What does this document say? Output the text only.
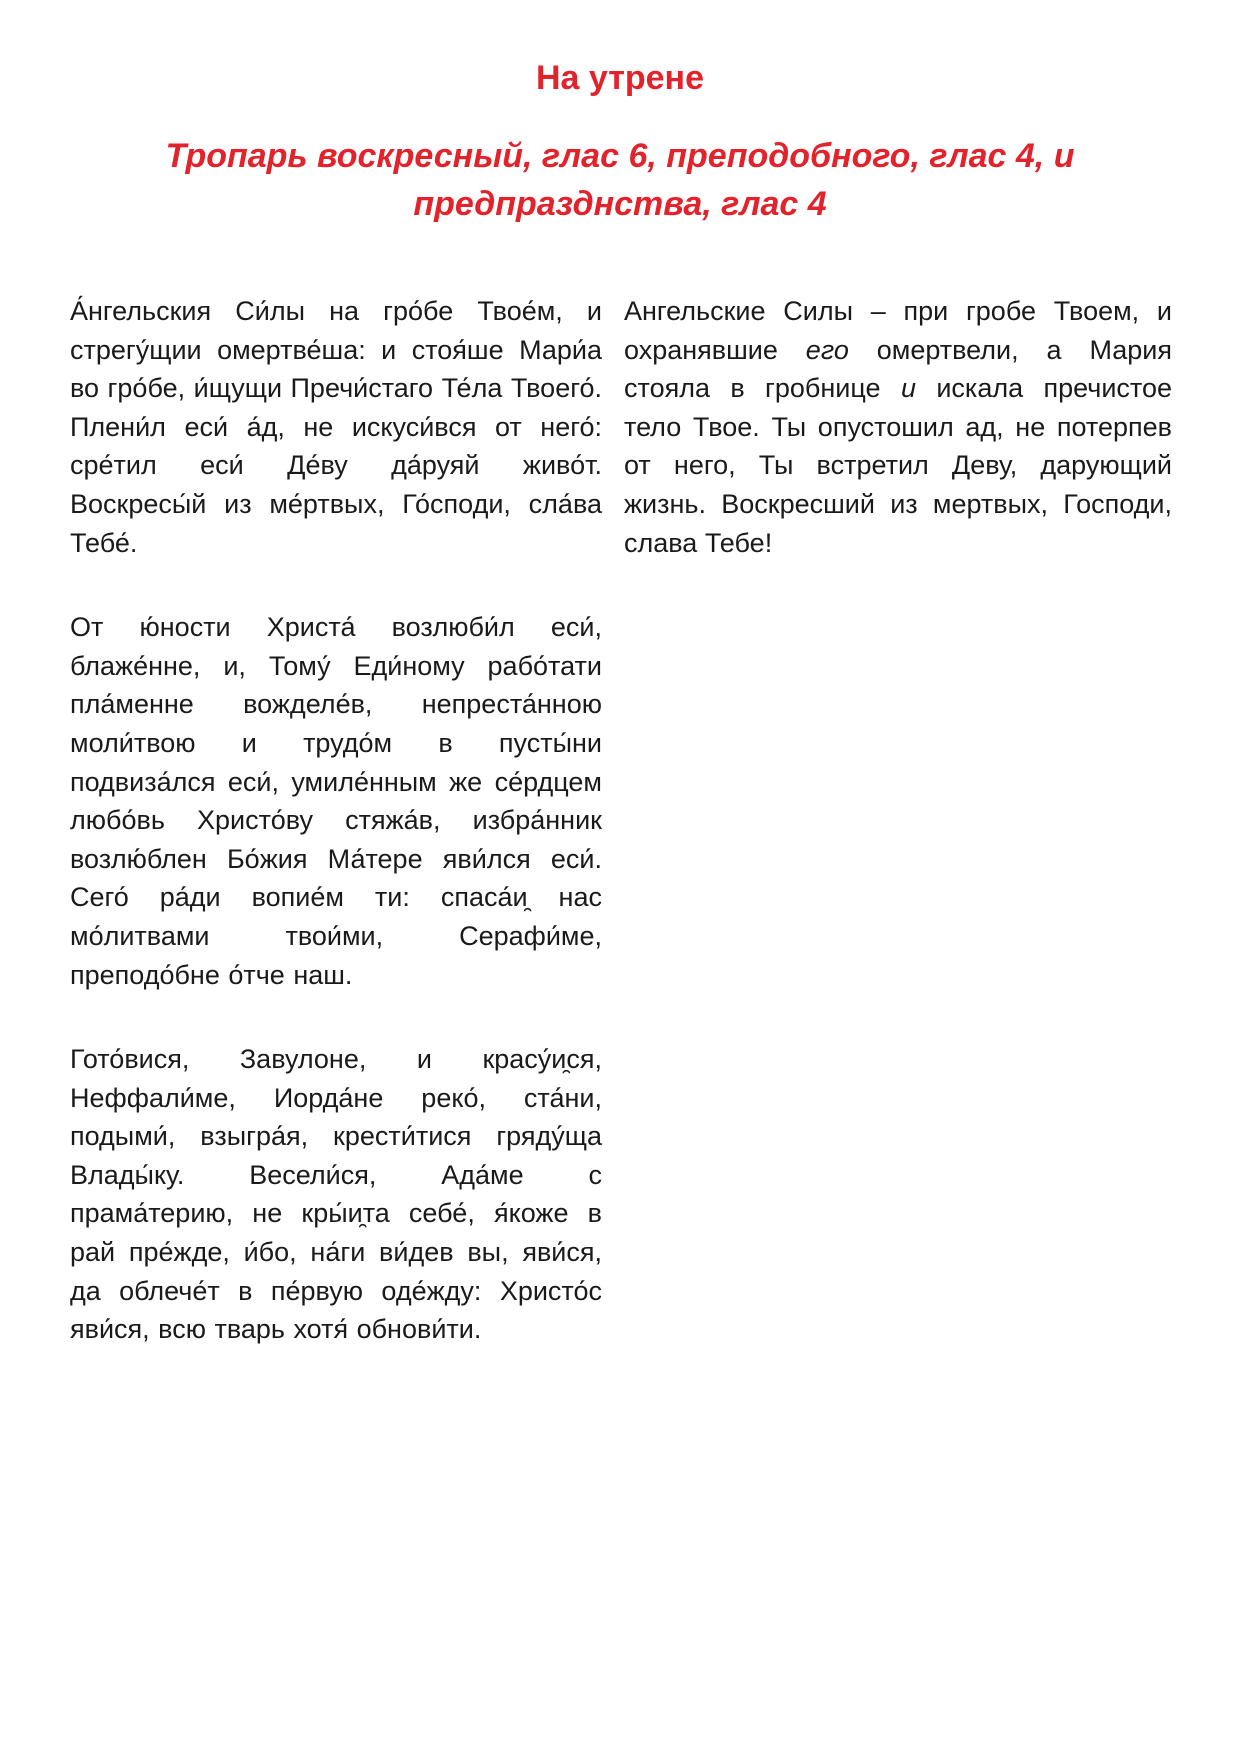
На утрене
Тропарь воскресный, глас 6, преподобного, глас 4, и предпразднства, глас 4

А́нгельския Си́лы на гро́бе Твое́м, и стрегу́щии омертве́ша: и стоя́ше Мари́а во гро́бе, и́щущи Пречи́стаго Те́ла Твоего́. Плени́л еси́ а́д, не искуси́вся от него́: сре́тил еси́ Де́ву да́руяй живо́т. Воскресы́й из ме́ртвых, Го́споди, сла́ва Тебе́.

От ю́ности Христа́ возлюби́л еси́, блаже́нне, и, Тому́ Еди́ному рабо́тати пла́менне вожделе́в, непреста́нною моли́твою и трудо́м в пусты́ни подвиза́лся еси́, умиле́нным же се́рдцем любо́вь Христо́ву стяжа́в, избра́нник возлю́блен Бо́жия Ма́тере яви́лся еси́. Сего́ ра́ди вопие́м ти: спаса́и̯ нас мо́литвами твои́ми, Серафи́ме, преподо́бне о́тче наш.

Гото́вися, Завулоне, и красу́и̯ся, Неффали́ме, Иорда́не реко́, ста́ни, подыми́, взыгра́я, крести́тися гряду́ща Влады́ку. Весели́ся, Ада́ме с прама́терию, не кры́и̯та себе́, я́коже в рай пре́жде, и́бо, на́ги ви́дев вы, яви́ся, да облече́т в пе́рвую оде́жду: Христо́с яви́ся, всю тварь хотя́ обнови́ти.

Ангельские Силы – при гробе Твоем, и охранявшие его омертвели, а Мария стояла в гробнице и искала пречистое тело Твое. Ты опустошил ад, не потерпев от него, Ты встретил Деву, дарующий жизнь. Воскресший из мертвых, Господи, слава Тебе!
